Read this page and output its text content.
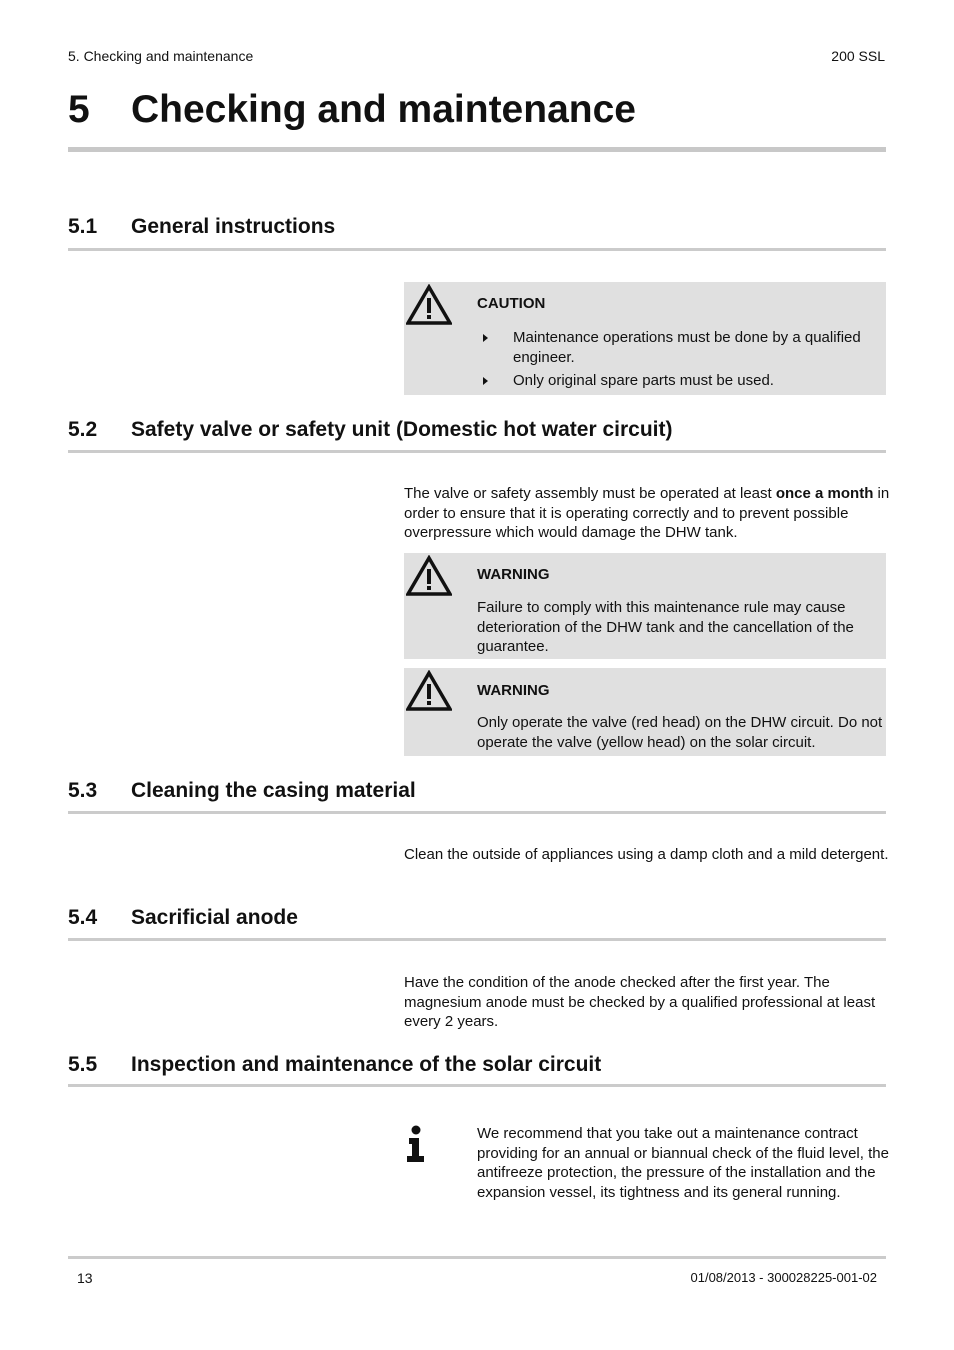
5. Checking and maintenance	200 SSL
5 Checking and maintenance
5.1 General instructions
CAUTION
Maintenance operations must be done by a qualified engineer.
Only original spare parts must be used.
5.2 Safety valve or safety unit (Domestic hot water circuit)
The valve or safety assembly must be operated at least once a month in order to ensure that it is operating correctly and to prevent possible overpressure which would damage the DHW tank.
WARNING
Failure to comply with this maintenance rule may cause deterioration of the DHW tank and the cancellation of the guarantee.
WARNING
Only operate the valve (red head) on the DHW circuit. Do not operate the valve (yellow head) on the solar circuit.
5.3 Cleaning the casing material
Clean the outside of appliances using a damp cloth and a mild detergent.
5.4 Sacrificial anode
Have the condition of the anode checked after the first year. The magnesium anode must be checked by a qualified professional at least every 2 years.
5.5 Inspection and maintenance of the solar circuit
We recommend that you take out a maintenance contract providing for an annual or biannual check of the fluid level, the antifreeze protection, the pressure of the installation and the expansion vessel, its tightness and its general running.
13	01/08/2013 - 300028225-001-02
